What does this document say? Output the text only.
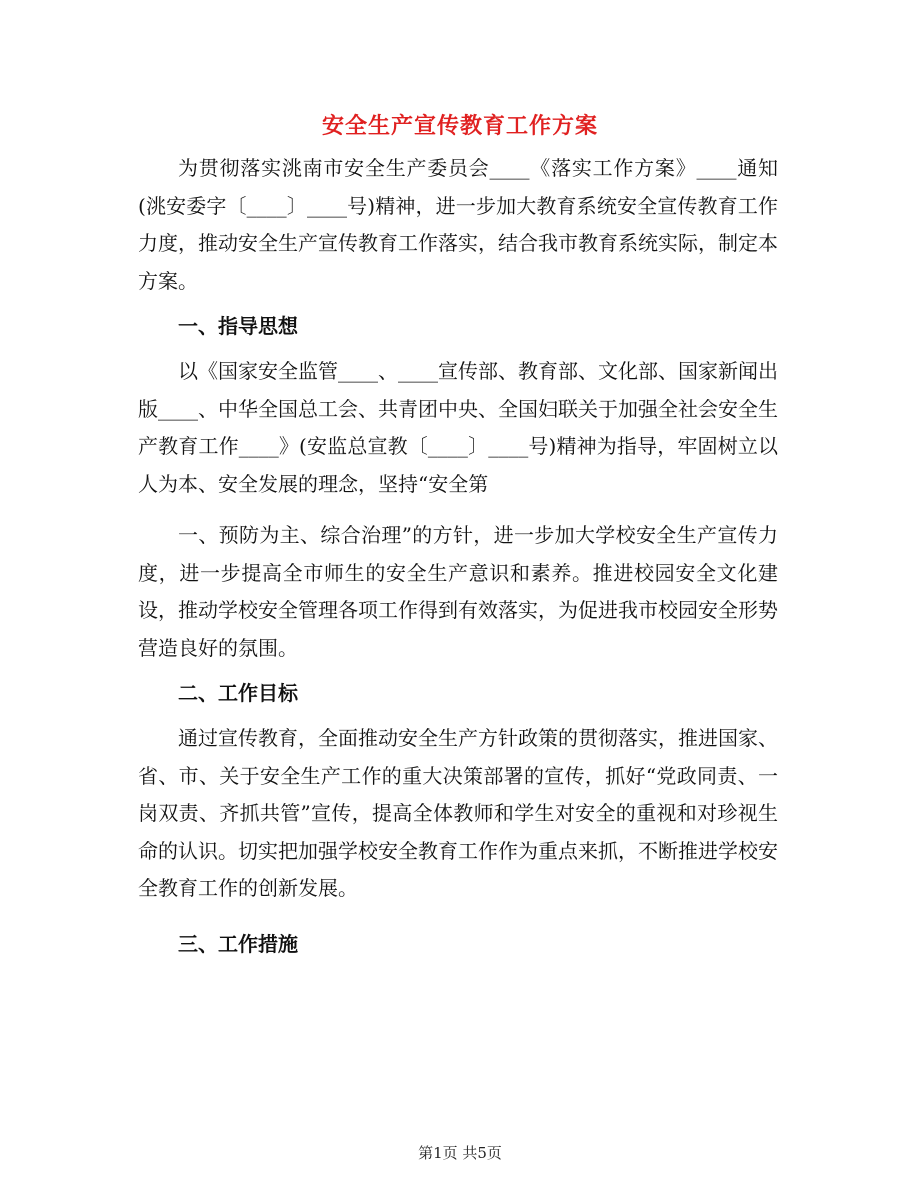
安全生产宣传教育工作方案

为贯彻落实洮南市安全生产委员会____《落实工作方案》____通知(洮安委字〔____〕____号)精神，进一步加大教育系统安全宣传教育工作力度，推动安全生产宣传教育工作落实，结合我市教育系统实际，制定本方案。

一、指导思想

以《国家安全监管____、____宣传部、教育部、文化部、国家新闻出版____、中华全国总工会、共青团中央、全国妇联关于加强全社会安全生产教育工作____》(安监总宣教〔____〕____号)精神为指导，牢固树立以人为本、安全发展的理念，坚持“安全第

一、预防为主、综合治理”的方针，进一步加大学校安全生产宣传力度，进一步提高全市师生的安全生产意识和素养。推进校园安全文化建设，推动学校安全管理各项工作得到有效落实，为促进我市校园安全形势营造良好的氛围。

二、工作目标

通过宣传教育，全面推动安全生产方针政策的贯彻落实，推进国家、省、市、关于安全生产工作的重大决策部署的宣传，抓好“党政同责、一岗双责、齐抓共管”宣传，提高全体教师和学生对安全的重视和对珍视生命的认识。切实把加强学校安全教育工作作为重点来抓，不断推进学校安全教育工作的创新发展。

三、工作措施

第1页 共5页
